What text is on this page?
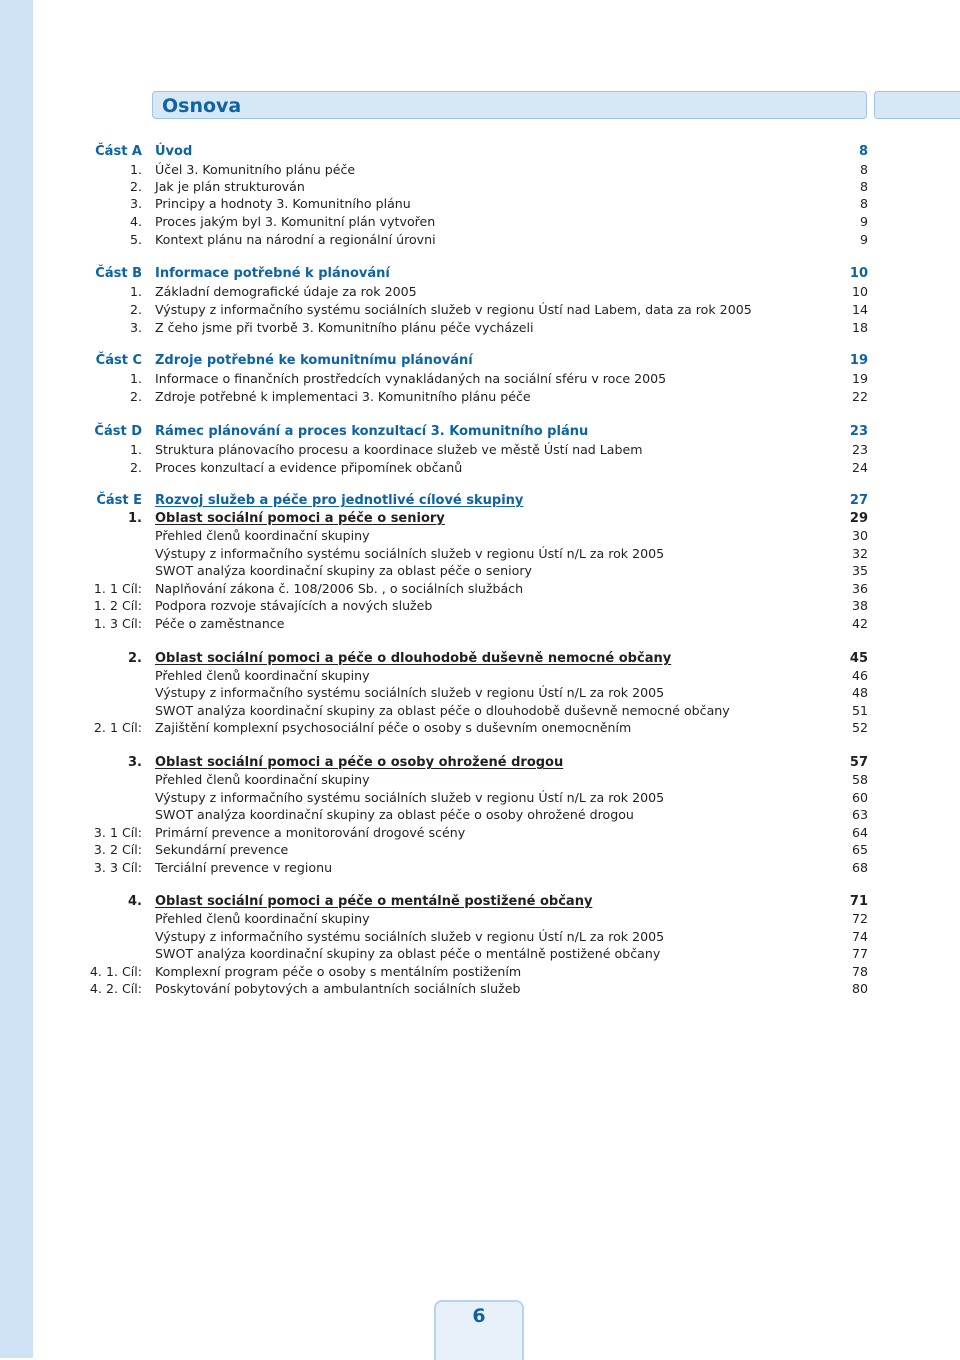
Osnova
Část A Úvod	8
1. Účel 3. Komunitního plánu péče	8
2. Jak je plán strukturován	8
3. Principy a hodnoty 3. Komunitního plánu	8
4. Proces jakým byl 3. Komunitní plán vytvořen	9
5. Kontext plánu na národní a regionální úrovni	9
Část B Informace potřebné k plánování	10
1. Základní demografické údaje za rok 2005	10
2. Výstupy z informačního systému sociálních služeb v regionu Ústí nad Labem, data za rok 2005	14
3. Z čeho jsme při tvorbě 3. Komunitního plánu péče vycházeli	18
Část C Zdroje potřebné ke komunitnímu plánování	19
1. Informace o finančních prostředcích vynakládaných na sociální sféru v roce 2005	19
2. Zdroje potřebné k implementaci 3. Komunitního plánu péče	22
Část D Rámec plánování a proces konzultací 3. Komunitního plánu	23
1. Struktura plánovacího procesu a koordinace služeb ve městě Ústí nad Labem	23
2. Proces konzultací a evidence připomínek občanů	24
Část E Rozvoj služeb a péče pro jednotlivé cílové skupiny	27
1. Oblast sociální pomoci a péče o seniory	29
Přehled členů koordinační skupiny	30
Výstupy z informačního systému sociálních služeb v regionu Ústí n/L za rok 2005	32
SWOT analýza koordinační skupiny za oblast péče o seniory	35
1. 1 Cíl: Naplňování zákona č. 108/2006 Sb. , o sociálních službách	36
1. 2 Cíl: Podpora rozvoje stávajících a nových služeb	38
1. 3 Cíl: Péče o zaměstnance	42
2. Oblast sociální pomoci a péče o dlouhodobě duševně nemocné občany	45
Přehled členů koordinační skupiny	46
Výstupy z informačního systému sociálních služeb v regionu Ústí n/L za rok 2005	48
SWOT analýza koordinační skupiny za oblast péče o dlouhodobě duševně nemocné občany	51
2. 1 Cíl: Zajištění komplexní psychosociální péče o osoby s duševním onemocněním	52
3. Oblast sociální pomoci a péče o osoby ohrožené drogou	57
Přehled členů koordinační skupiny	58
Výstupy z informačního systému sociálních služeb v regionu Ústí n/L za rok 2005	60
SWOT analýza koordinační skupiny za oblast péče o osoby ohrožené drogou	63
3. 1 Cíl: Primární prevence a monitorování drogové scény	64
3. 2 Cíl: Sekundární prevence	65
3. 3 Cíl: Terciální prevence v regionu	68
4. Oblast sociální pomoci a péče o mentálně postižené občany	71
Přehled členů koordinační skupiny	72
Výstupy z informačního systému sociálních služeb v regionu Ústí n/L za rok 2005	74
SWOT analýza koordinační skupiny za oblast péče o mentálně postižené občany	77
4. 1. Cíl: Komplexní program péče o osoby s mentálním postižením	78
4. 2. Cíl: Poskytování pobytových a ambulantních sociálních služeb	80
6
